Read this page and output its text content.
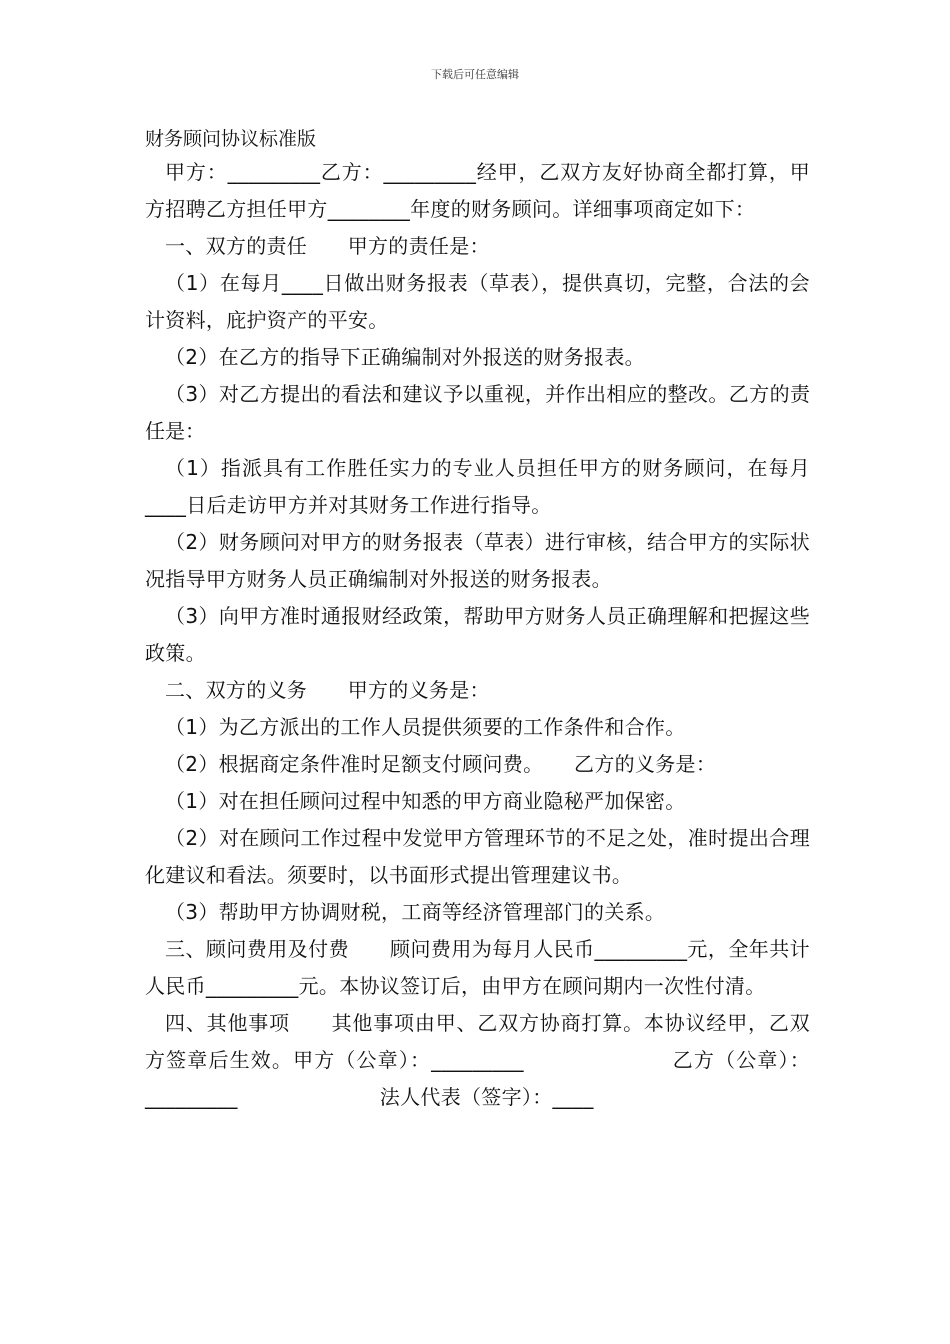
下载后可任意编辑

财务顾问协议标准版

甲方：_________乙方：_________经甲，乙双方友好协商全都打算，甲方招聘乙方担任甲方________年度的财务顾问。详细事项商定如下：

一、双方的责任　　甲方的责任是：

（1）在每月____日做出财务报表（草表），提供真切，完整，合法的会计资料，庇护资产的平安。

（2）在乙方的指导下正确编制对外报送的财务报表。

（3）对乙方提出的看法和建议予以重视，并作出相应的整改。乙方的责任是：

（1）指派具有工作胜任实力的专业人员担任甲方的财务顾问，在每月____日后走访甲方并对其财务工作进行指导。

（2）财务顾问对甲方的财务报表（草表）进行审核，结合甲方的实际状况指导甲方财务人员正确编制对外报送的财务报表。

（3）向甲方准时通报财经政策，帮助甲方财务人员正确理解和把握这些政策。

二、双方的义务　　甲方的义务是：

（1）为乙方派出的工作人员提供须要的工作条件和合作。

（2）根据商定条件准时足额支付顾问费。　　乙方的义务是：

（1）对在担任顾问过程中知悉的甲方商业隐秘严加保密。

（2）对在顾问工作过程中发觉甲方管理环节的不足之处，准时提出合理化建议和看法。须要时，以书面形式提出管理建议书。

（3）帮助甲方协调财税，工商等经济管理部门的关系。

三、顾问费用及付费　　顾问费用为每月人民币_________元，全年共计人民币_________元。本协议签订后，由甲方在顾问期内一次性付清。

四、其他事项　　其他事项由甲、乙双方协商打算。本协议经甲，乙双方签章后生效。甲方（公章）：_________　　　　　　　乙方（公章）：_________　　　　　　　法人代表（签字）：____
